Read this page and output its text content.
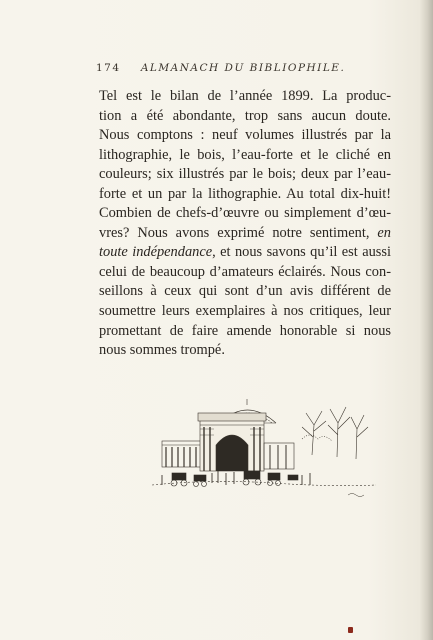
174 ALMANACH DU BIBLIOPHILE.
Tel est le bilan de l’année 1899. La produc-
tion a été abondante, trop sans aucun doute.
Nous comptons : neuf volumes illustrés par la
lithographie, le bois, l’eau-forte et le cliché en
couleurs; six illustrés par le bois; deux par l’eau-
forte et un par la lithographie. Au total dix-huit!
Combien de chefs-d’œuvre ou simplement d’œu-
vres? Nous avons exprimé notre sentiment, en
toute indépendance, et nous savons qu’il est aussi
celui de beaucoup d’amateurs éclairés. Nous con-
seillons à ceux qui sont d’un avis différent de
soumettre leurs exemplaires à nos critiques, leur
promettant de faire amende honorable si nous
nous sommes trompé.
